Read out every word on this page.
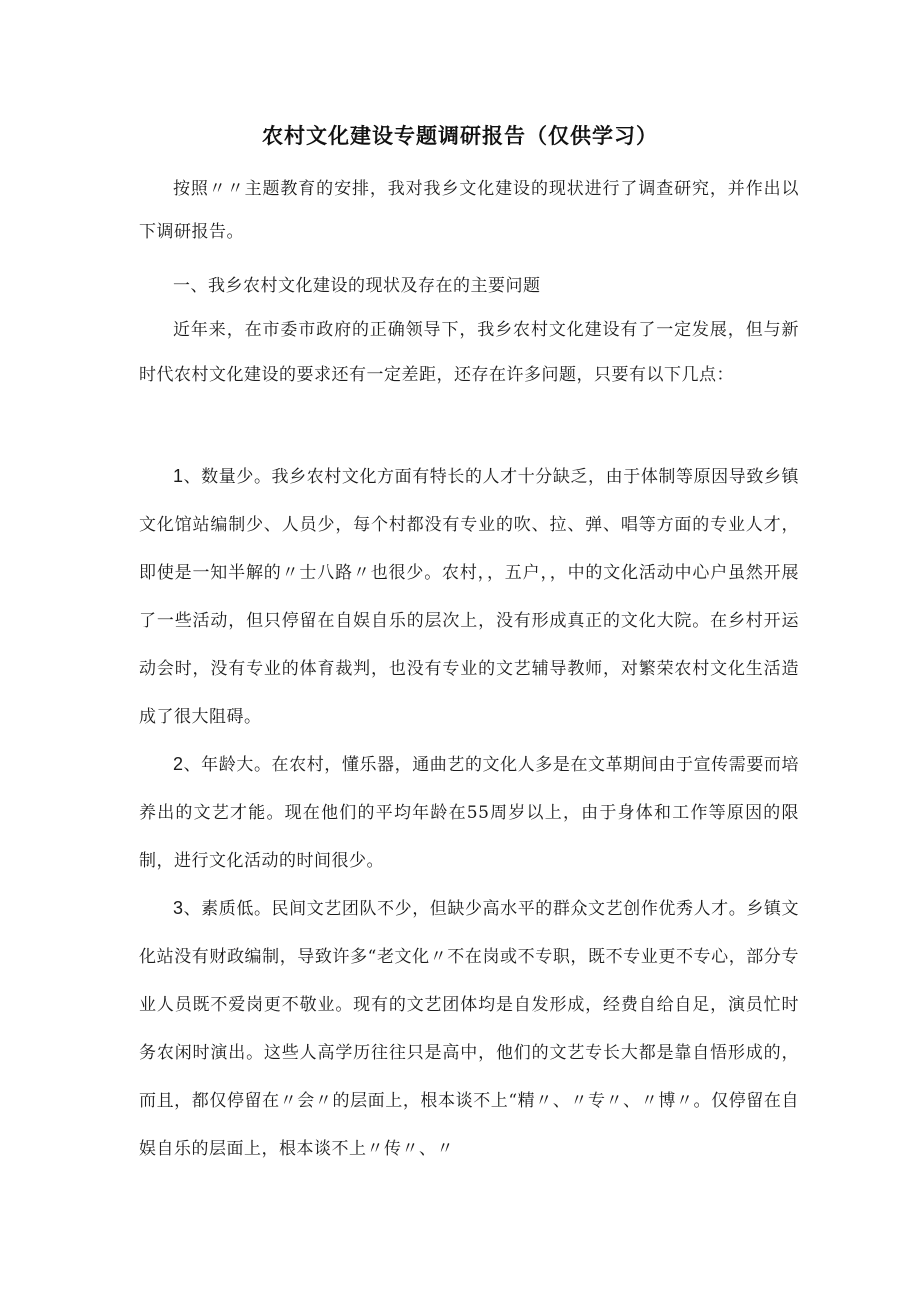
农村文化建设专题调研报告（仅供学习）

按照〃〃主题教育的安排，我对我乡文化建设的现状进行了调查研究，并作出以下调研报告。

一、我乡农村文化建设的现状及存在的主要问题

近年来，在市委市政府的正确领导下，我乡农村文化建设有了一定发展，但与新时代农村文化建设的要求还有一定差距，还存在许多问题，只要有以下几点：

1、数量少。我乡农村文化方面有特长的人才十分缺乏，由于体制等原因导致乡镇文化馆站编制少、人员少，每个村都没有专业的吹、拉、弹、唱等方面的专业人才，即使是一知半解的〃士八路〃也很少。农村，，五户，，中的文化活动中心户虽然开展了一些活动，但只停留在自娱自乐的层次上，没有形成真正的文化大院。在乡村开运动会时，没有专业的体育裁判，也没有专业的文艺辅导教师，对繁荣农村文化生活造成了很大阻碍。

2、年龄大。在农村，懂乐器，通曲艺的文化人多是在文革期间由于宣传需要而培养出的文艺才能。现在他们的平均年龄在55周岁以上，由于身体和工作等原因的限制，进行文化活动的时间很少。

3、素质低。民间文艺团队不少，但缺少高水平的群众文艺创作优秀人才。乡镇文化站没有财政编制，导致许多“老文化〃不在岗或不专职，既不专业更不专心，部分专业人员既不爱岗更不敬业。现有的文艺团体均是自发形成，经费自给自足，演员忙时务农闲时演出。这些人高学历往往只是高中，他们的文艺专长大都是靠自悟形成的，而且，都仅停留在〃会〃的层面上，根本谈不上“精〃、〃专〃、〃博〃。仅停留在自娱自乐的层面上，根本谈不上〃传〃、〃
